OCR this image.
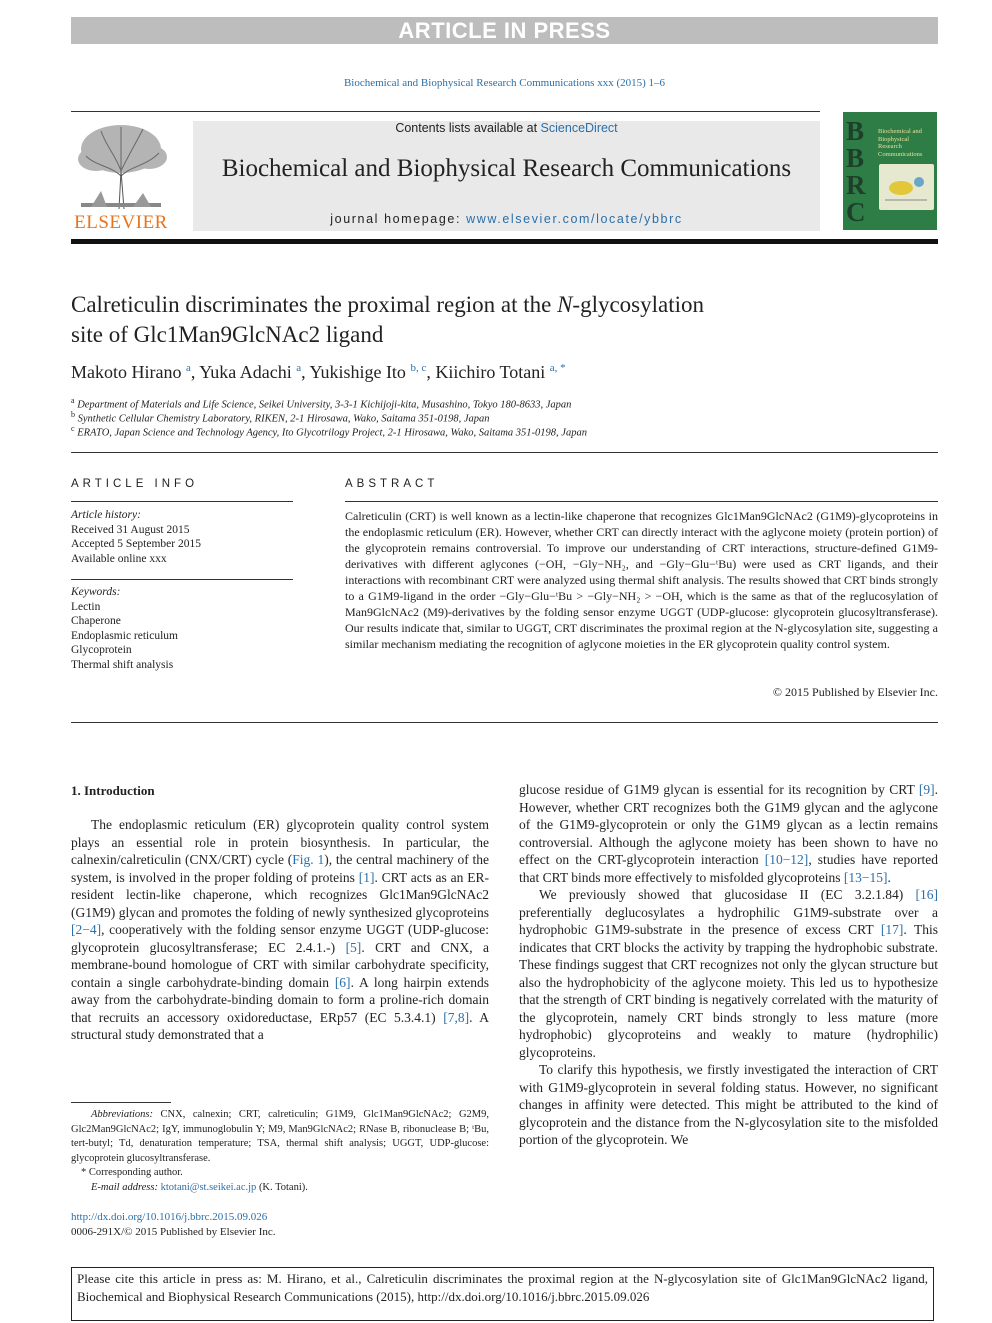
ARTICLE IN PRESS
Biochemical and Biophysical Research Communications xxx (2015) 1–6
ELSEVIER
Contents lists available at ScienceDirect
Biochemical and Biophysical Research Communications
journal homepage: www.elsevier.com/locate/ybbrc
B
B
R
C
Biochemical and Biophysical Research Communications
Calreticulin discriminates the proximal region at the N-glycosylation
site of Glc1Man9GlcNAc2 ligand
Makoto Hirano $^a$, Yuka Adachi $^a$, Yukishige Ito $^{b, c}$, Kiichiro Totani $^{a, *}$
$^a$ Department of Materials and Life Science, Seikei University, 3-3-1 Kichijoji-kita, Musashino, Tokyo 180-8633, Japan
$^b$ Synthetic Cellular Chemistry Laboratory, RIKEN, 2-1 Hirosawa, Wako, Saitama 351-0198, Japan
$^c$ ERATO, Japan Science and Technology Agency, Ito Glycotrilogy Project, 2-1 Hirosawa, Wako, Saitama 351-0198, Japan
ARTICLE INFO
Article history:
Received 31 August 2015
Accepted 5 September 2015
Available online xxx
Keywords:
Lectin
Chaperone
Endoplasmic reticulum
Glycoprotein
Thermal shift analysis
ABSTRACT
Calreticulin (CRT) is well known as a lectin-like chaperone that recognizes Glc1Man9GlcNAc2 (G1M9)-glycoproteins in the endoplasmic reticulum (ER). However, whether CRT can directly interact with the aglycone moiety (protein portion) of the glycoprotein remains controversial. To improve our understanding of CRT interactions, structure-defined G1M9-derivatives with different aglycones (−OH, −Gly−NH₂, and −Gly−Glu−ᵗBu) were used as CRT ligands, and their interactions with recombinant CRT were analyzed using thermal shift analysis. The results showed that CRT binds strongly to a G1M9-ligand in the order −Gly−Glu−ᵗBu > −Gly−NH₂ > −OH, which is the same as that of the reglucosylation of Man9GlcNAc2 (M9)-derivatives by the folding sensor enzyme UGGT (UDP-glucose: glycoprotein glucosyltransferase). Our results indicate that, similar to UGGT, CRT discriminates the proximal region at the N-glycosylation site, suggesting a similar mechanism mediating the recognition of aglycone moieties in the ER glycoprotein quality control system.
© 2015 Published by Elsevier Inc.
1. Introduction

The endoplasmic reticulum (ER) glycoprotein quality control system plays an essential role in protein biosynthesis. In particular, the calnexin/calreticulin (CNX/CRT) cycle (Fig. 1), the central machinery of the system, is involved in the proper folding of proteins [1]. CRT acts as an ER-resident lectin-like chaperone, which recognizes Glc1Man9GlcNAc2 (G1M9) glycan and promotes the folding of newly synthesized glycoproteins [2−4], cooperatively with the folding sensor enzyme UGGT (UDP-glucose: glycoprotein glucosyltransferase; EC 2.4.1.-) [5]. CRT and CNX, a membrane-bound homologue of CRT with similar carbohydrate specificity, contain a single carbohydrate-binding domain [6]. A long hairpin extends away from the carbohydrate-binding domain to form a proline-rich domain that recruits an accessory oxidoreductase, ERp57 (EC 5.3.4.1) [7,8]. A structural study demonstrated that a

glucose residue of G1M9 glycan is essential for its recognition by CRT [9]. However, whether CRT recognizes both the G1M9 glycan and the aglycone of the G1M9-glycoprotein or only the G1M9 glycan as a lectin remains controversial. Although the aglycone moiety has been shown to have no effect on the CRT-glycoprotein interaction [10−12], studies have reported that CRT binds more effectively to misfolded glycoproteins [13−15].

We previously showed that glucosidase II (EC 3.2.1.84) [16] preferentially deglucosylates a hydrophilic G1M9-substrate over a hydrophobic G1M9-substrate in the presence of excess CRT [17]. This indicates that CRT blocks the activity by trapping the hydrophobic substrate. These findings suggest that CRT recognizes not only the glycan structure but also the hydrophobicity of the aglycone moiety. This led us to hypothesize that the strength of CRT binding is negatively correlated with the maturity of the glycoprotein, namely CRT binds strongly to less mature (more hydrophobic) glycoproteins and weakly to mature (hydrophilic) glycoproteins.

To clarify this hypothesis, we firstly investigated the interaction of CRT with G1M9-glycoprotein in several folding status. However, no significant changes in affinity were detected. This might be attributed to the kind of glycoprotein and the distance from the N-glycosylation site to the misfolded portion of the glycoprotein. We

Abbreviations: CNX, calnexin; CRT, calreticulin; G1M9, Glc1Man9GlcNAc2; G2M9, Glc2Man9GlcNAc2; IgY, immunoglobulin Y; M9, Man9GlcNAc2; RNase B, ribonuclease B; ᵗBu, tert-butyl; Td, denaturation temperature; TSA, thermal shift analysis; UGGT, UDP-glucose: glycoprotein glucosyltransferase.
* Corresponding author.
E-mail address: ktotani@st.seikei.ac.jp (K. Totani).
http://dx.doi.org/10.1016/j.bbrc.2015.09.026
0006-291X/© 2015 Published by Elsevier Inc.
Please cite this article in press as: M. Hirano, et al., Calreticulin discriminates the proximal region at the N-glycosylation site of Glc1Man9GlcNAc2 ligand, Biochemical and Biophysical Research Communications (2015), http://dx.doi.org/10.1016/j.bbrc.2015.09.026
